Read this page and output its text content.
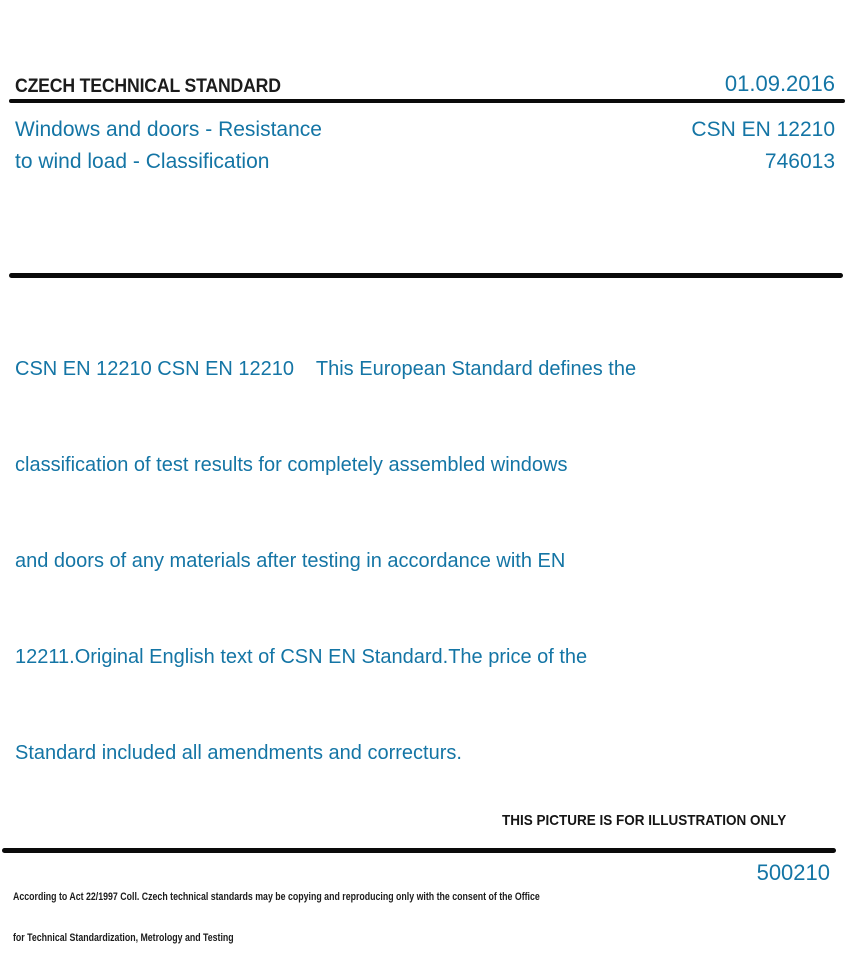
CZECH TECHNICAL STANDARD	01.09.2016
Windows and doors - Resistance
to wind load - Classification
CSN EN 12210
746013

CSN EN 12210 CSN EN 12210    This European Standard defines the

classification of test results for completely assembled windows

and doors of any materials after testing in accordance with EN

12211.Original English text of CSN EN Standard.The price of the

Standard included all amendments and correcturs.

THIS PICTURE IS FOR ILLUSTRATION ONLY

According to Act 22/1997 Coll. Czech technical standards may be copying and reproducing only with the consent of the Office

for Technical Standardization, Metrology and Testing

500210
